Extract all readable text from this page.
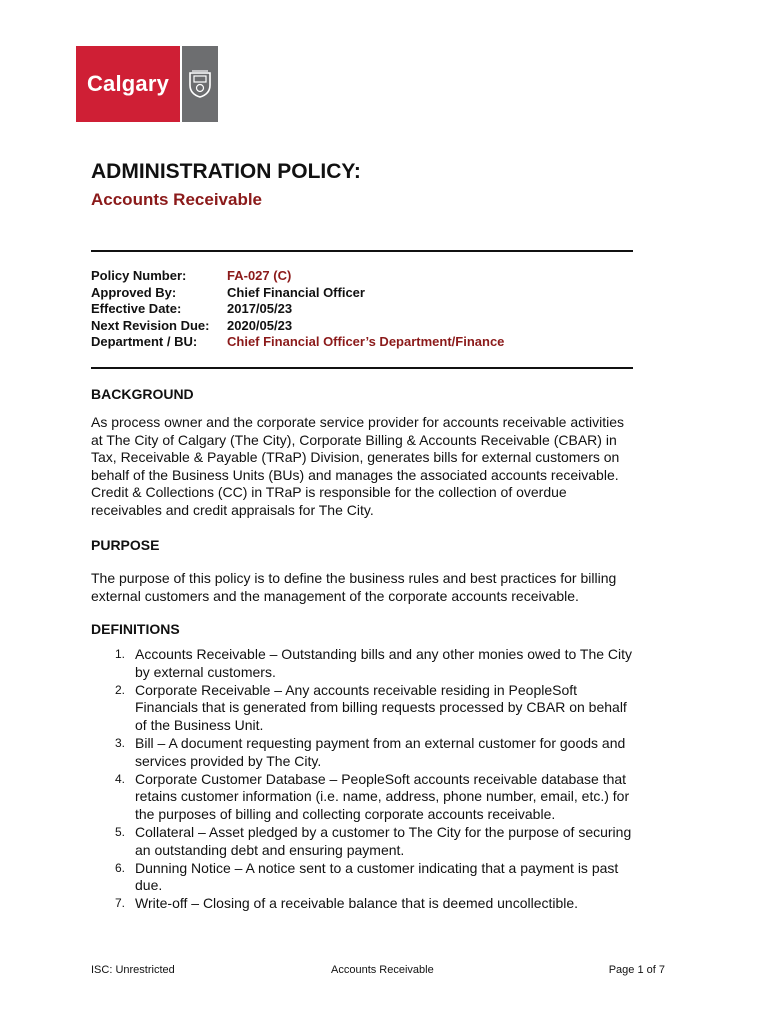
Calgary
ADMINISTRATION POLICY:
Accounts Receivable
Policy Number:	FA-027 (C)
Approved By:	Chief Financial Officer
Effective Date:	2017/05/23
Next Revision Due:	2020/05/23
Department / BU:	Chief Financial Officer’s Department/Finance
BACKGROUND
As process owner and the corporate service provider for accounts receivable activities
at The City of Calgary (The City), Corporate Billing & Accounts Receivable (CBAR) in
Tax, Receivable & Payable (TRaP) Division, generates bills for external customers on
behalf of the Business Units (BUs) and manages the associated accounts receivable.
Credit & Collections (CC) in TRaP is responsible for the collection of overdue
receivables and credit appraisals for The City.
PURPOSE
The purpose of this policy is to define the business rules and best practices for billing
external customers and the management of the corporate accounts receivable.
DEFINITIONS
1. Accounts Receivable – Outstanding bills and any other monies owed to The City
by external customers.
2. Corporate Receivable – Any accounts receivable residing in PeopleSoft
Financials that is generated from billing requests processed by CBAR on behalf
of the Business Unit.
3. Bill – A document requesting payment from an external customer for goods and
services provided by The City.
4. Corporate Customer Database – PeopleSoft accounts receivable database that
retains customer information (i.e. name, address, phone number, email, etc.) for
the purposes of billing and collecting corporate accounts receivable.
5. Collateral – Asset pledged by a customer to The City for the purpose of securing
an outstanding debt and ensuring payment.
6. Dunning Notice – A notice sent to a customer indicating that a payment is past
due.
7. Write-off – Closing of a receivable balance that is deemed uncollectible.
ISC: Unrestricted	Accounts Receivable	Page 1 of 7
